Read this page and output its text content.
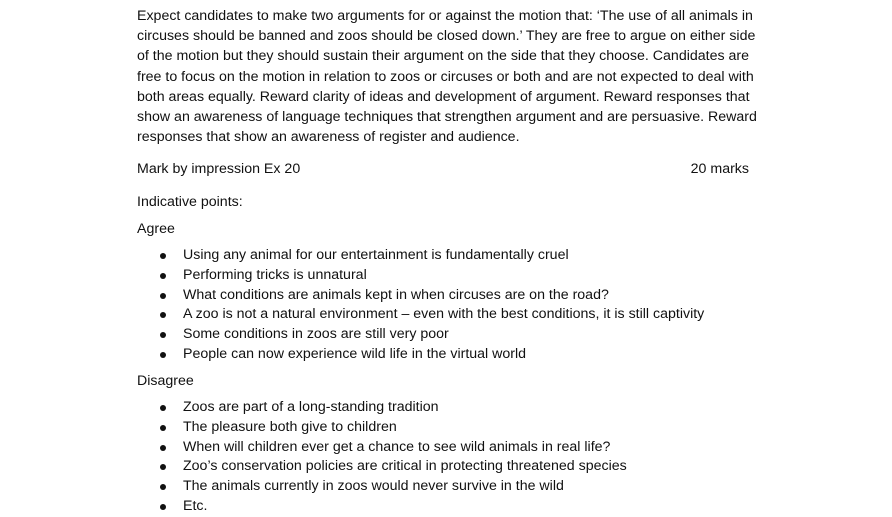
Expect candidates to make two arguments for or against the motion that: ‘The use of all animals in circuses should be banned and zoos should be closed down.’ They are free to argue on either side of the motion but they should sustain their argument on the side that they choose. Candidates are free to focus on the motion in relation to zoos or circuses or both and are not expected to deal with both areas equally. Reward clarity of ideas and development of argument. Reward responses that show an awareness of language techniques that strengthen argument and are persuasive. Reward responses that show an awareness of register and audience.

Mark by impression Ex 20	20 marks

Indicative points:

Agree
Using any animal for our entertainment is fundamentally cruel
Performing tricks is unnatural
What conditions are animals kept in when circuses are on the road?
A zoo is not a natural environment – even with the best conditions, it is still captivity
Some conditions in zoos are still very poor
People can now experience wild life in the virtual world
Disagree
Zoos are part of a long-standing tradition
The pleasure both give to children
When will children ever get a chance to see wild animals in real life?
Zoo’s conservation policies are critical in protecting threatened species
The animals currently in zoos would never survive in the wild
Etc.
